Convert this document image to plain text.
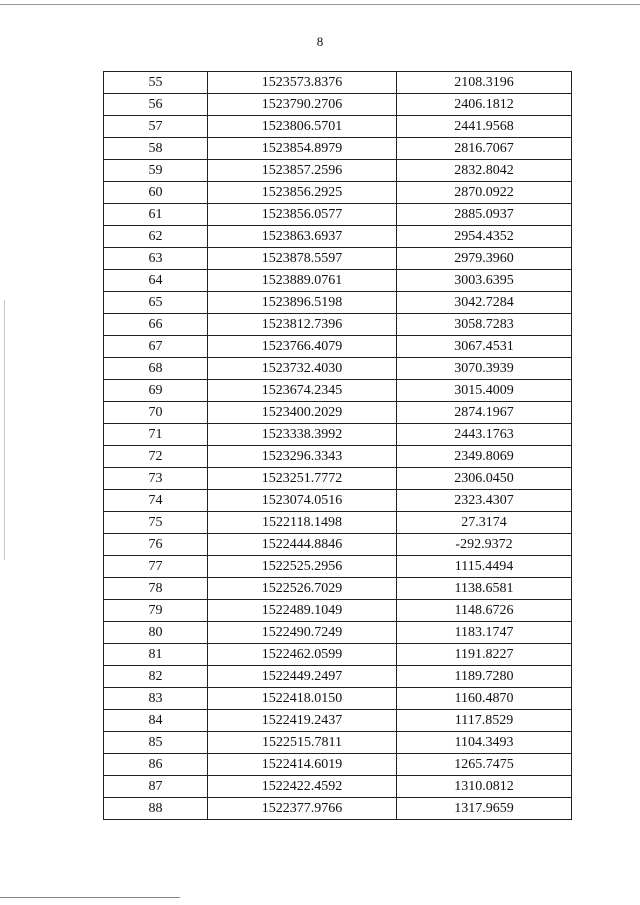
8
55	1523573.8376	2108.3196
56	1523790.2706	2406.1812
57	1523806.5701	2441.9568
58	1523854.8979	2816.7067
59	1523857.2596	2832.8042
60	1523856.2925	2870.0922
61	1523856.0577	2885.0937
62	1523863.6937	2954.4352
63	1523878.5597	2979.3960
64	1523889.0761	3003.6395
65	1523896.5198	3042.7284
66	1523812.7396	3058.7283
67	1523766.4079	3067.4531
68	1523732.4030	3070.3939
69	1523674.2345	3015.4009
70	1523400.2029	2874.1967
71	1523338.3992	2443.1763
72	1523296.3343	2349.8069
73	1523251.7772	2306.0450
74	1523074.0516	2323.4307
75	1522118.1498	27.3174
76	1522444.8846	-292.9372
77	1522525.2956	1115.4494
78	1522526.7029	1138.6581
79	1522489.1049	1148.6726
80	1522490.7249	1183.1747
81	1522462.0599	1191.8227
82	1522449.2497	1189.7280
83	1522418.0150	1160.4870
84	1522419.2437	1117.8529
85	1522515.7811	1104.3493
86	1522414.6019	1265.7475
87	1522422.4592	1310.0812
88	1522377.9766	1317.9659
